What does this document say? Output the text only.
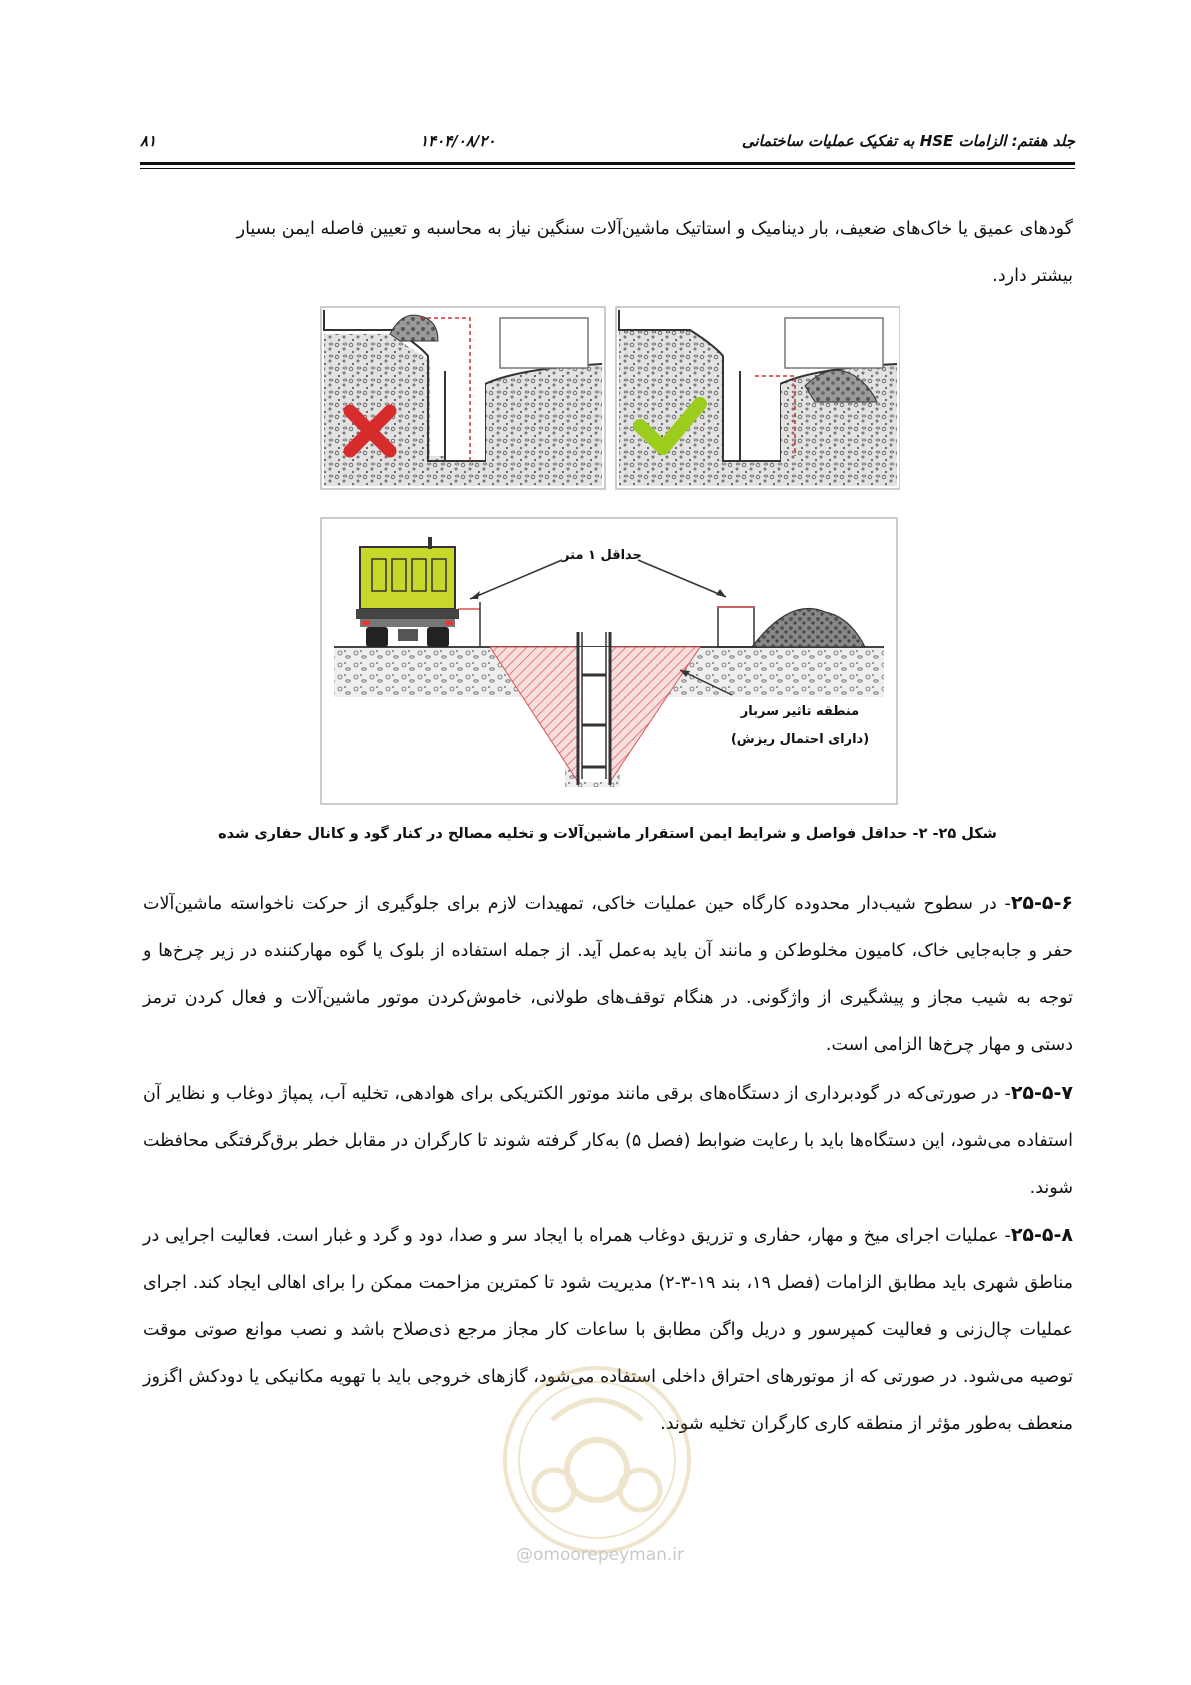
جلد هفتم: الزامات HSE به تفکیک عملیات ساختمانی
۱۴۰۴/۰۸/۲۰
۸۱

گودهای عمیق یا خاک‌های ضعیف، بار دینامیک و استاتیک ماشین‌آلات سنگین نیاز به محاسبه و تعیین فاصله ایمن بسیار
بیشتر دارد.

حداقل ۱ متر
منطقه تاثیر سربار
(دارای احتمال ریزش)
شکل ۲۵- ۲- حداقل فواصل و شرایط ایمن استقرار ماشین‌آلات و تخلیه مصالح در کنار گود و کانال حفاری شده

۲۵-۵-۶- در سطوح شیب‌دار محدوده کارگاه حین عملیات خاکی، تمهیدات لازم برای جلوگیری از حرکت ناخواسته ماشین‌آلات حفر و جابه‌جایی خاک، کامیون مخلوط‌کن و مانند آن باید به‌عمل آید. از جمله استفاده از بلوک یا گوه مهارکننده در زیر چرخ‌ها و توجه به شیب مجاز و پیشگیری از واژگونی. در هنگام توقف‌های طولانی، خاموش‌کردن موتور ماشین‌آلات و فعال کردن ترمز دستی و مهار چرخ‌ها الزامی است.

۲۵-۵-۷- در صورتی‌که در گودبرداری از دستگاه‌های برقی مانند موتور الکتریکی برای هوادهی، تخلیه آب، پمپاژ دوغاب و نظایر آن استفاده می‌شود، این دستگاه‌ها باید با رعایت ضوابط (فصل ۵) به‌کار گرفته شوند تا کارگران در مقابل خطر برق‌گرفتگی محافظت شوند.

۲۵-۵-۸- عملیات اجرای میخ و مهار، حفاری و تزریق دوغاب همراه با ایجاد سر و صدا، دود و گرد و غبار است. فعالیت اجرایی در مناطق شهری باید مطابق الزامات (فصل ۱۹، بند ۱۹-۳-۲) مدیریت شود تا کمترین مزاحمت ممکن را برای اهالی ایجاد کند. اجرای عملیات چال‌زنی و فعالیت کمپرسور و دریل واگن مطابق با ساعات کار مجاز مرجع ذی‌صلاح باشد و نصب موانع صوتی موقت توصیه می‌شود. در صورتی که از موتورهای احتراق داخلی استفاده می‌شود، گازهای خروجی باید با تهویه مکانیکی یا دودکش اگزوز منعطف به‌طور مؤثر از منطقه کاری کارگران تخلیه شوند.

@omoorepeyman.ir
